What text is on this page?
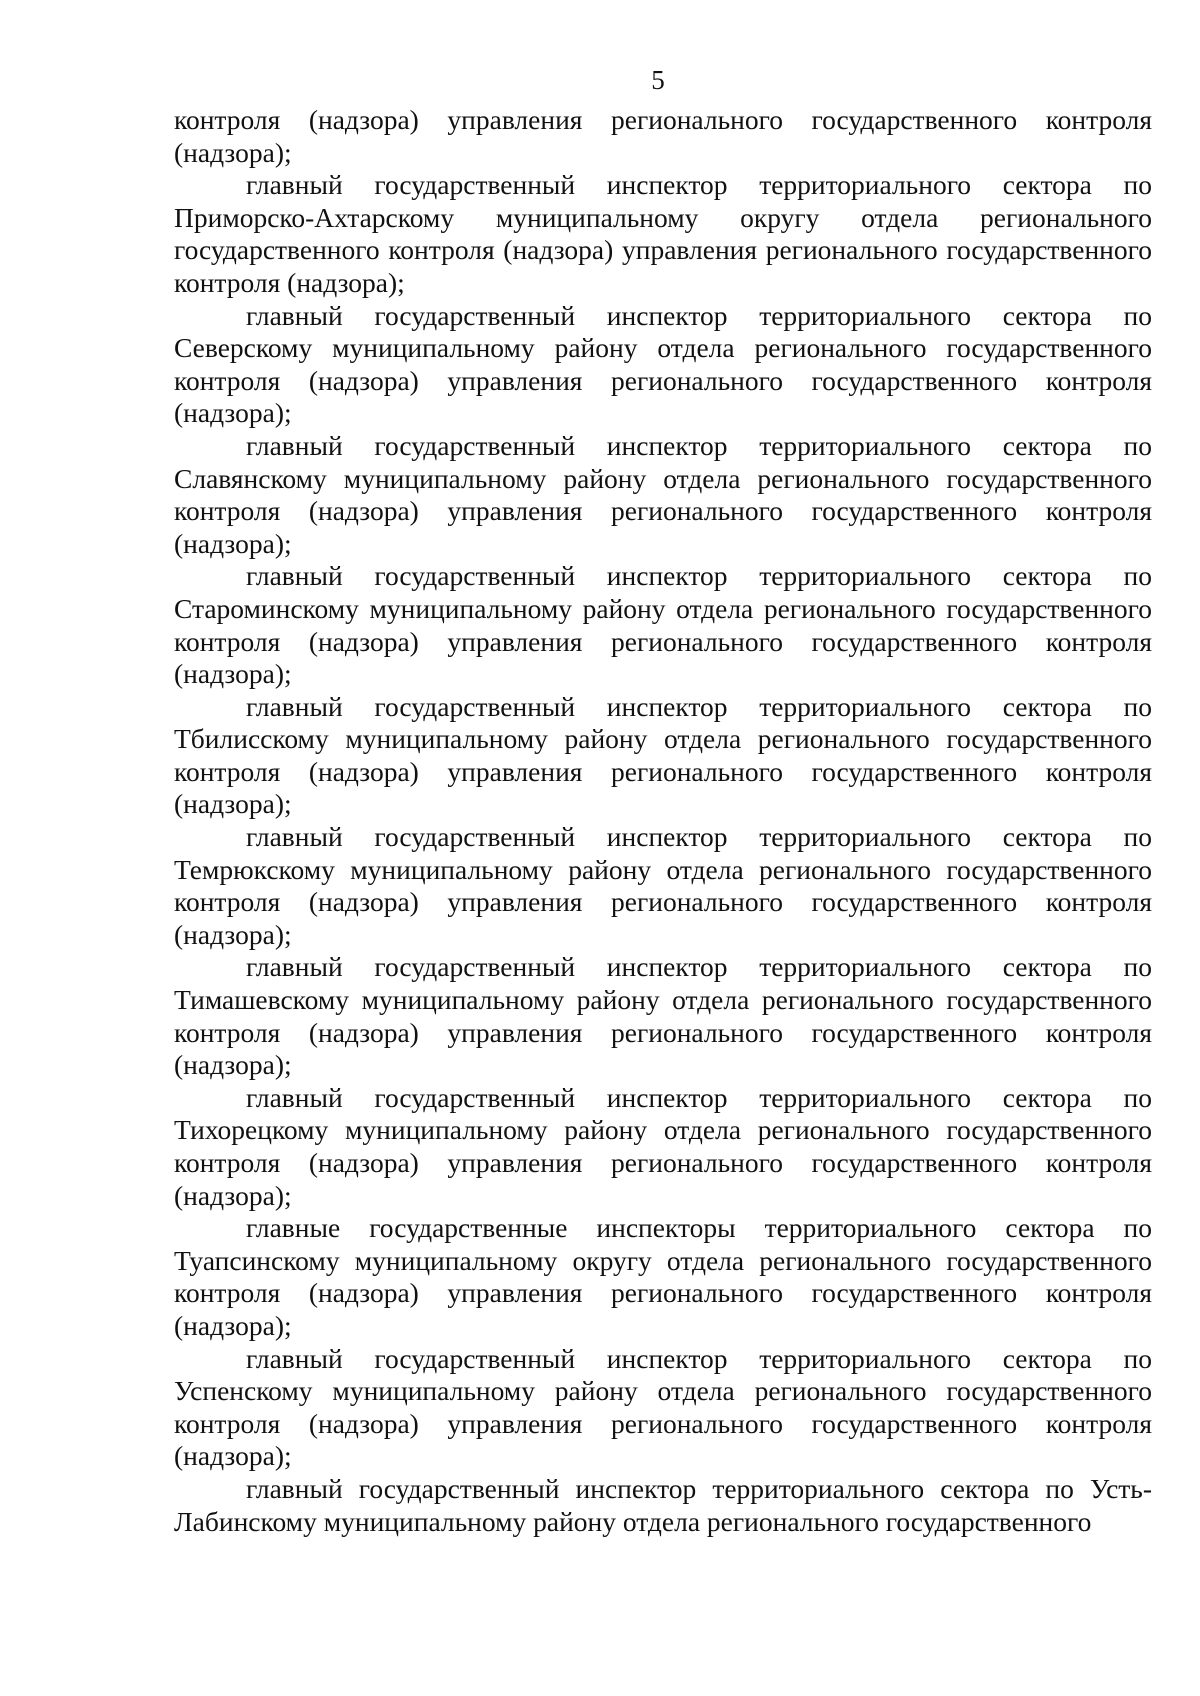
5

контроля (надзора) управления регионального государственного контроля (надзора);

главный государственный инспектор территориального сектора по Приморско-Ахтарскому муниципальному округу отдела регионального государственного контроля (надзора) управления регионального государственного контроля (надзора);

главный государственный инспектор территориального сектора по Северскому муниципальному району отдела регионального государственного контроля (надзора) управления регионального государственного контроля (надзора);

главный государственный инспектор территориального сектора по Славянскому муниципальному району отдела регионального государственного контроля (надзора) управления регионального государственного контроля (надзора);

главный государственный инспектор территориального сектора по Староминскому муниципальному району отдела регионального государственного контроля (надзора) управления регионального государственного контроля (надзора);

главный государственный инспектор территориального сектора по Тбилисскому муниципальному району отдела регионального государственного контроля (надзора) управления регионального государственного контроля (надзора);

главный государственный инспектор территориального сектора по Темрюкскому муниципальному району отдела регионального государственного контроля (надзора) управления регионального государственного контроля (надзора);

главный государственный инспектор территориального сектора по Тимашевскому муниципальному району отдела регионального государственного контроля (надзора) управления регионального государственного контроля (надзора);

главный государственный инспектор территориального сектора по Тихорецкому муниципальному району отдела регионального государственного контроля (надзора) управления регионального государственного контроля (надзора);

главные государственные инспекторы территориального сектора по Туапсинскому муниципальному округу отдела регионального государственного контроля (надзора) управления регионального государственного контроля (надзора);

главный государственный инспектор территориального сектора по Успенскому муниципальному району отдела регионального государственного контроля (надзора) управления регионального государственного контроля (надзора);

главный государственный инспектор территориального сектора по Усть-Лабинскому муниципальному району отдела регионального государственного
